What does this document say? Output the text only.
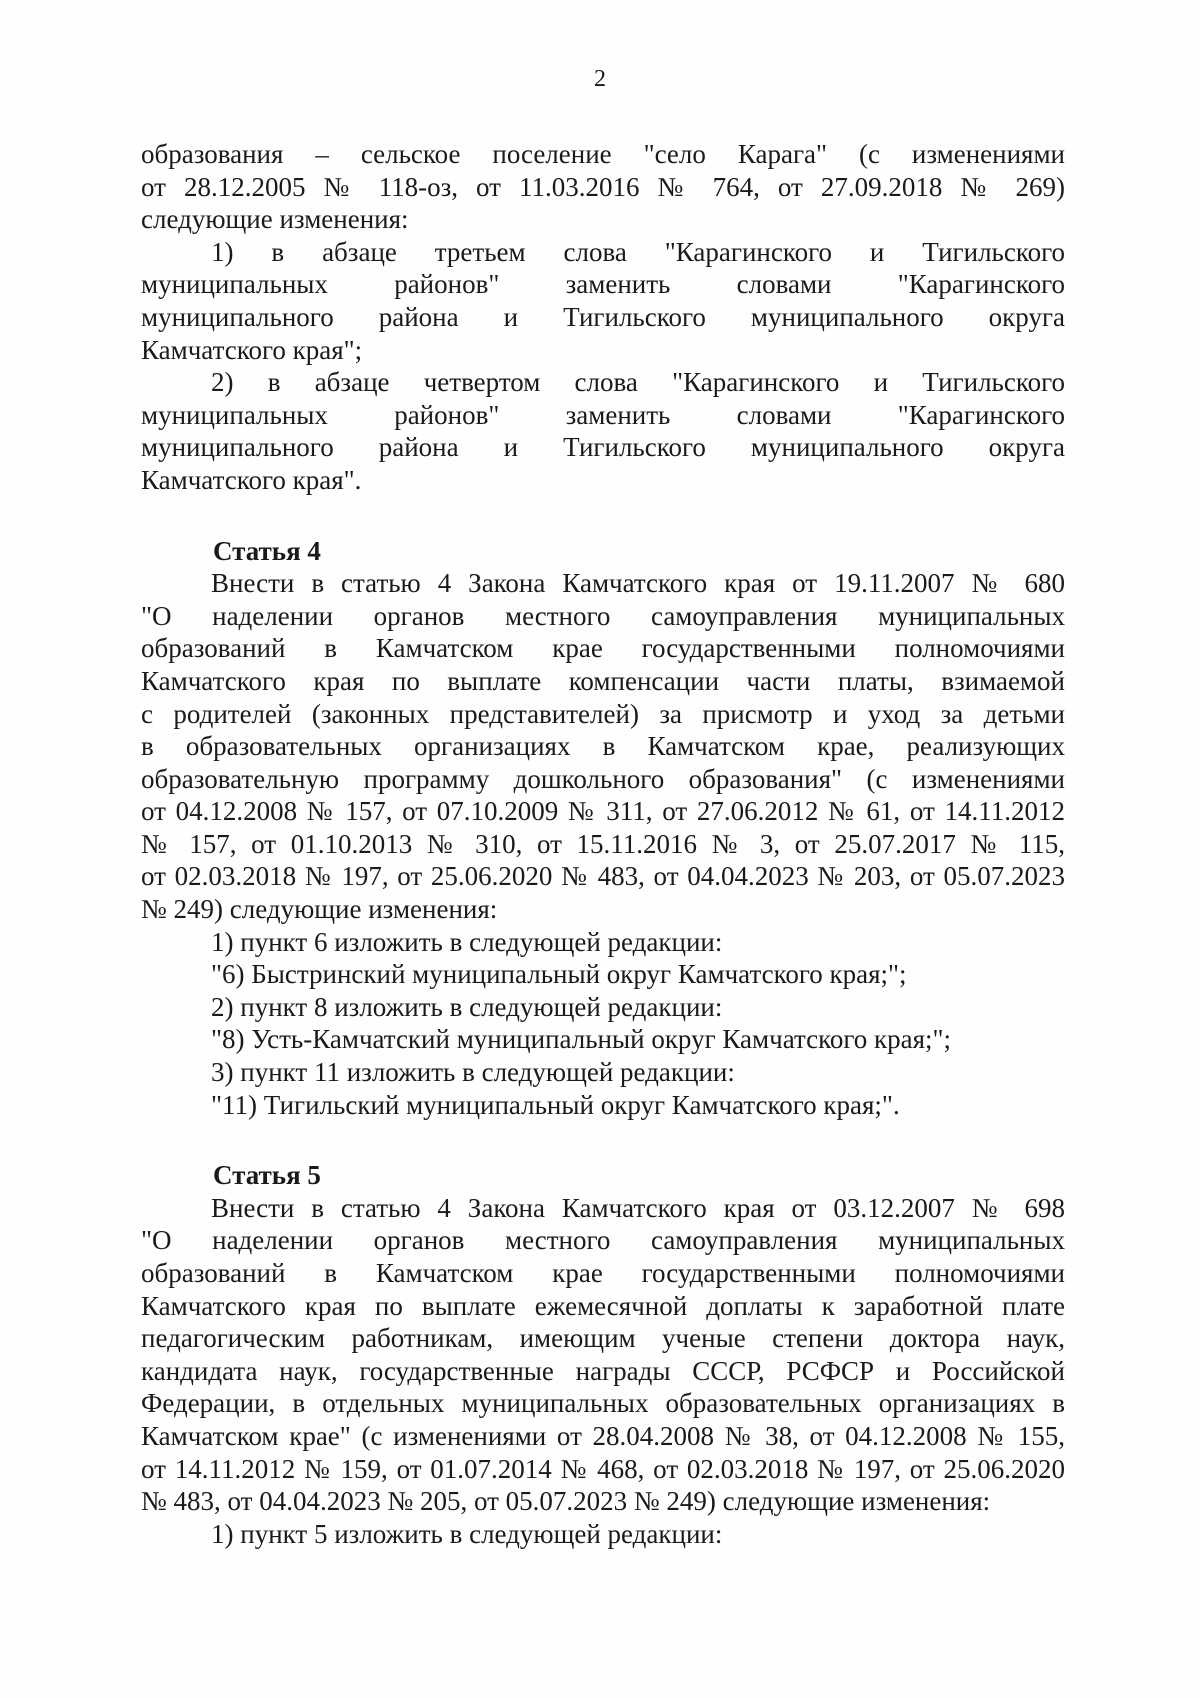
2
образования – сельское поселение "село Карага" (с изменениями
от 28.12.2005 № 118-оз, от 11.03.2016 № 764, от 27.09.2018 № 269)
следующие изменения:
1) в абзаце третьем слова "Карагинского и Тигильского
муниципальных районов" заменить словами "Карагинского
муниципального района и Тигильского муниципального округа
Камчатского края";
2) в абзаце четвертом слова "Карагинского и Тигильского
муниципальных районов" заменить словами "Карагинского
муниципального района и Тигильского муниципального округа
Камчатского края".
Статья 4
Внести в статью 4 Закона Камчатского края от 19.11.2007 № 680
"О наделении органов местного самоуправления муниципальных
образований в Камчатском крае государственными полномочиями
Камчатского края по выплате компенсации части платы, взимаемой
с родителей (законных представителей) за присмотр и уход за детьми
в образовательных организациях в Камчатском крае, реализующих
образовательную программу дошкольного образования" (с изменениями
от 04.12.2008 № 157, от 07.10.2009 № 311, от 27.06.2012 № 61, от 14.11.2012
№ 157, от 01.10.2013 № 310, от 15.11.2016 № 3, от 25.07.2017 № 115,
от 02.03.2018 № 197, от 25.06.2020 № 483, от 04.04.2023 № 203, от 05.07.2023
№ 249) следующие изменения:
1) пункт 6 изложить в следующей редакции:
"6) Быстринский муниципальный округ Камчатского края;";
2) пункт 8 изложить в следующей редакции:
"8) Усть-Камчатский муниципальный округ Камчатского края;";
3) пункт 11 изложить в следующей редакции:
"11) Тигильский муниципальный округ Камчатского края;".
Статья 5
Внести в статью 4 Закона Камчатского края от 03.12.2007 № 698
"О наделении органов местного самоуправления муниципальных
образований в Камчатском крае государственными полномочиями
Камчатского края по выплате ежемесячной доплаты к заработной плате
педагогическим работникам, имеющим ученые степени доктора наук,
кандидата наук, государственные награды СССР, РСФСР и Российской
Федерации, в отдельных муниципальных образовательных организациях в
Камчатском крае" (с изменениями от 28.04.2008 № 38, от 04.12.2008 № 155,
от 14.11.2012 № 159, от 01.07.2014 № 468, от 02.03.2018 № 197, от 25.06.2020
№ 483, от 04.04.2023 № 205, от 05.07.2023 № 249) следующие изменения:
1) пункт 5 изложить в следующей редакции:
